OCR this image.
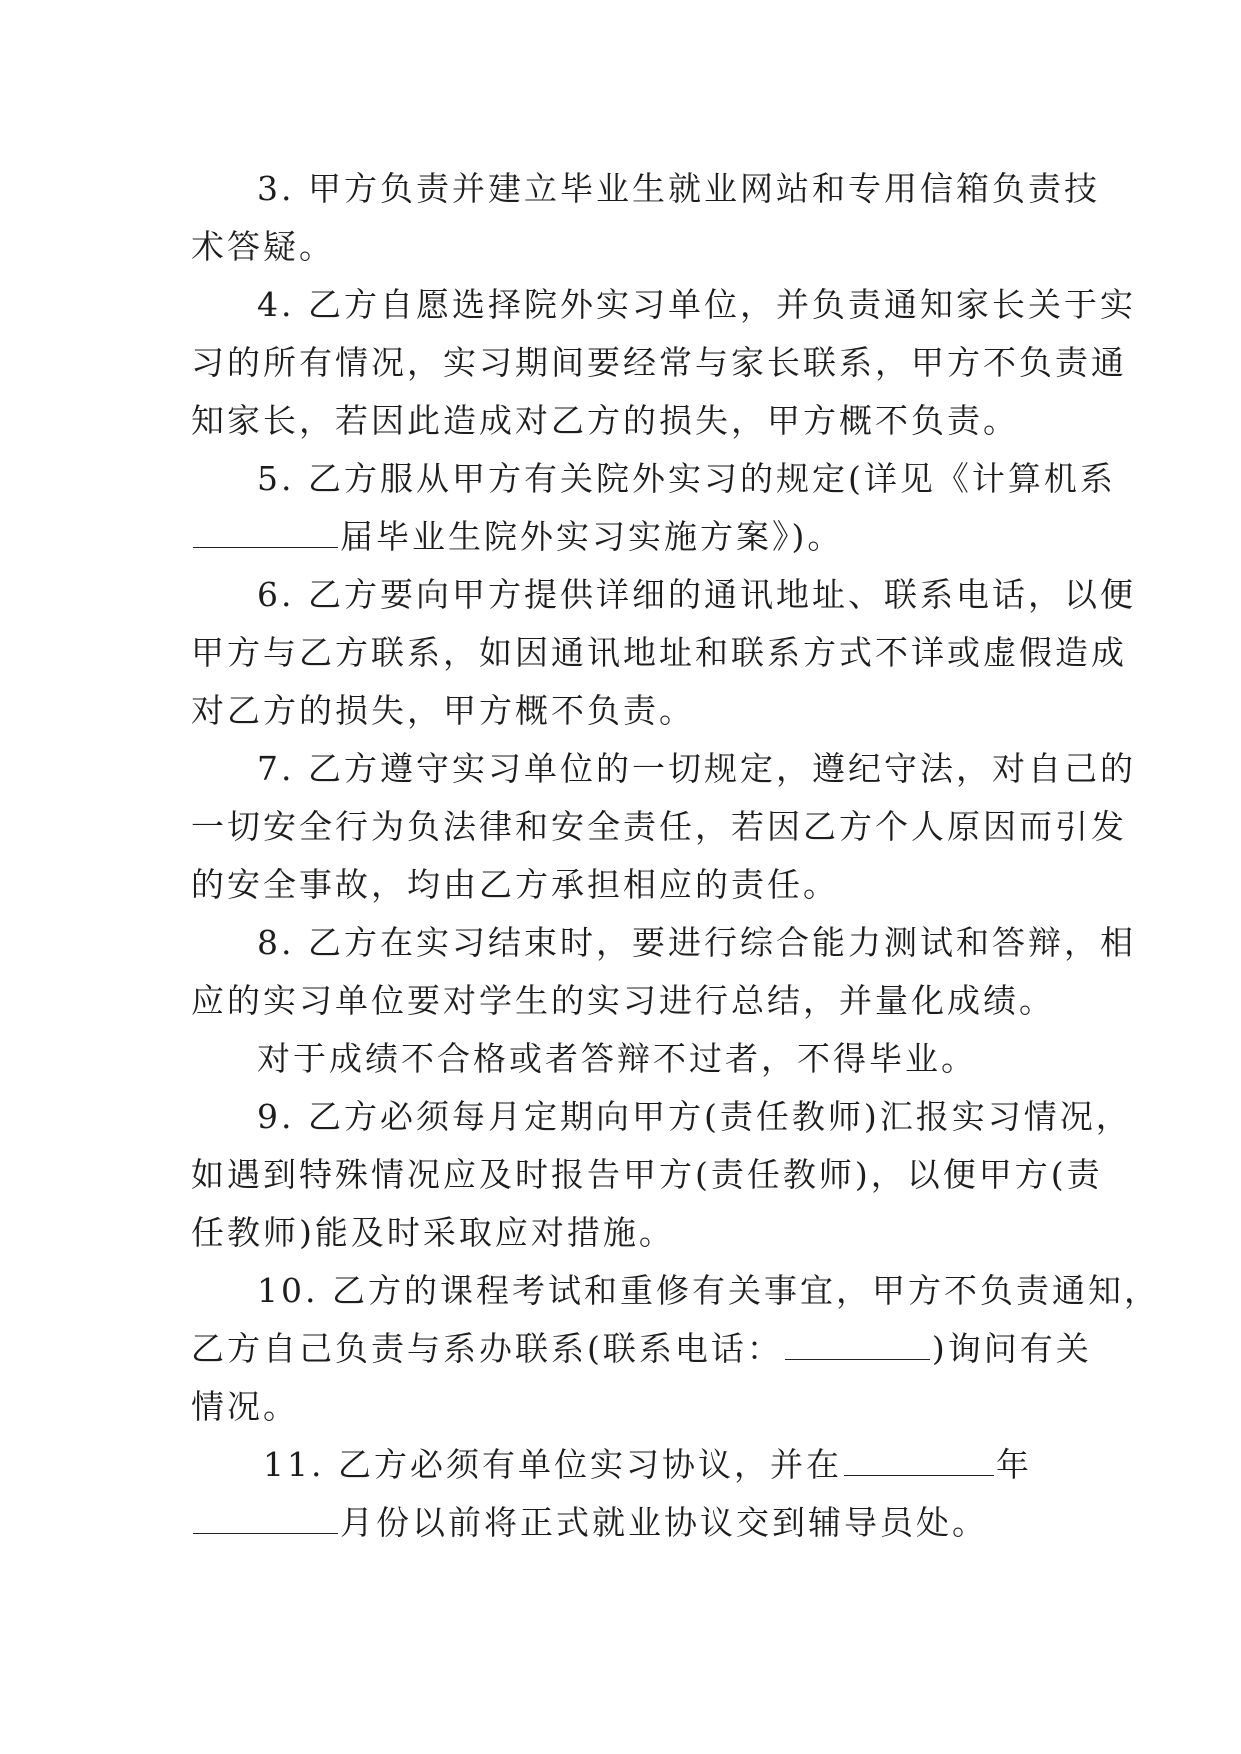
3. 甲方负责并建立毕业生就业网站和专用信箱负责技
术答疑。

4. 乙方自愿选择院外实习单位，并负责通知家长关于实
习的所有情况，实习期间要经常与家长联系，甲方不负责通
知家长，若因此造成对乙方的损失，甲方概不负责。

5. 乙方服从甲方有关院外实习的规定(详见《计算机系
届毕业生院外实习实施方案》)。

6. 乙方要向甲方提供详细的通讯地址、联系电话，以便
甲方与乙方联系，如因通讯地址和联系方式不详或虚假造成
对乙方的损失，甲方概不负责。

7. 乙方遵守实习单位的一切规定，遵纪守法，对自己的
一切安全行为负法律和安全责任，若因乙方个人原因而引发
的安全事故，均由乙方承担相应的责任。

8. 乙方在实习结束时，要进行综合能力测试和答辩，相
应的实习单位要对学生的实习进行总结，并量化成绩。

对于成绩不合格或者答辩不过者，不得毕业。

9. 乙方必须每月定期向甲方(责任教师)汇报实习情况，
如遇到特殊情况应及时报告甲方(责任教师)，以便甲方(责
任教师)能及时采取应对措施。

10. 乙方的课程考试和重修有关事宜，甲方不负责通知，
乙方自己负责与系办联系(联系电话：	)询问有关
情况。

11. 乙方必须有单位实习协议，并在	年
月份以前将正式就业协议交到辅导员处。
